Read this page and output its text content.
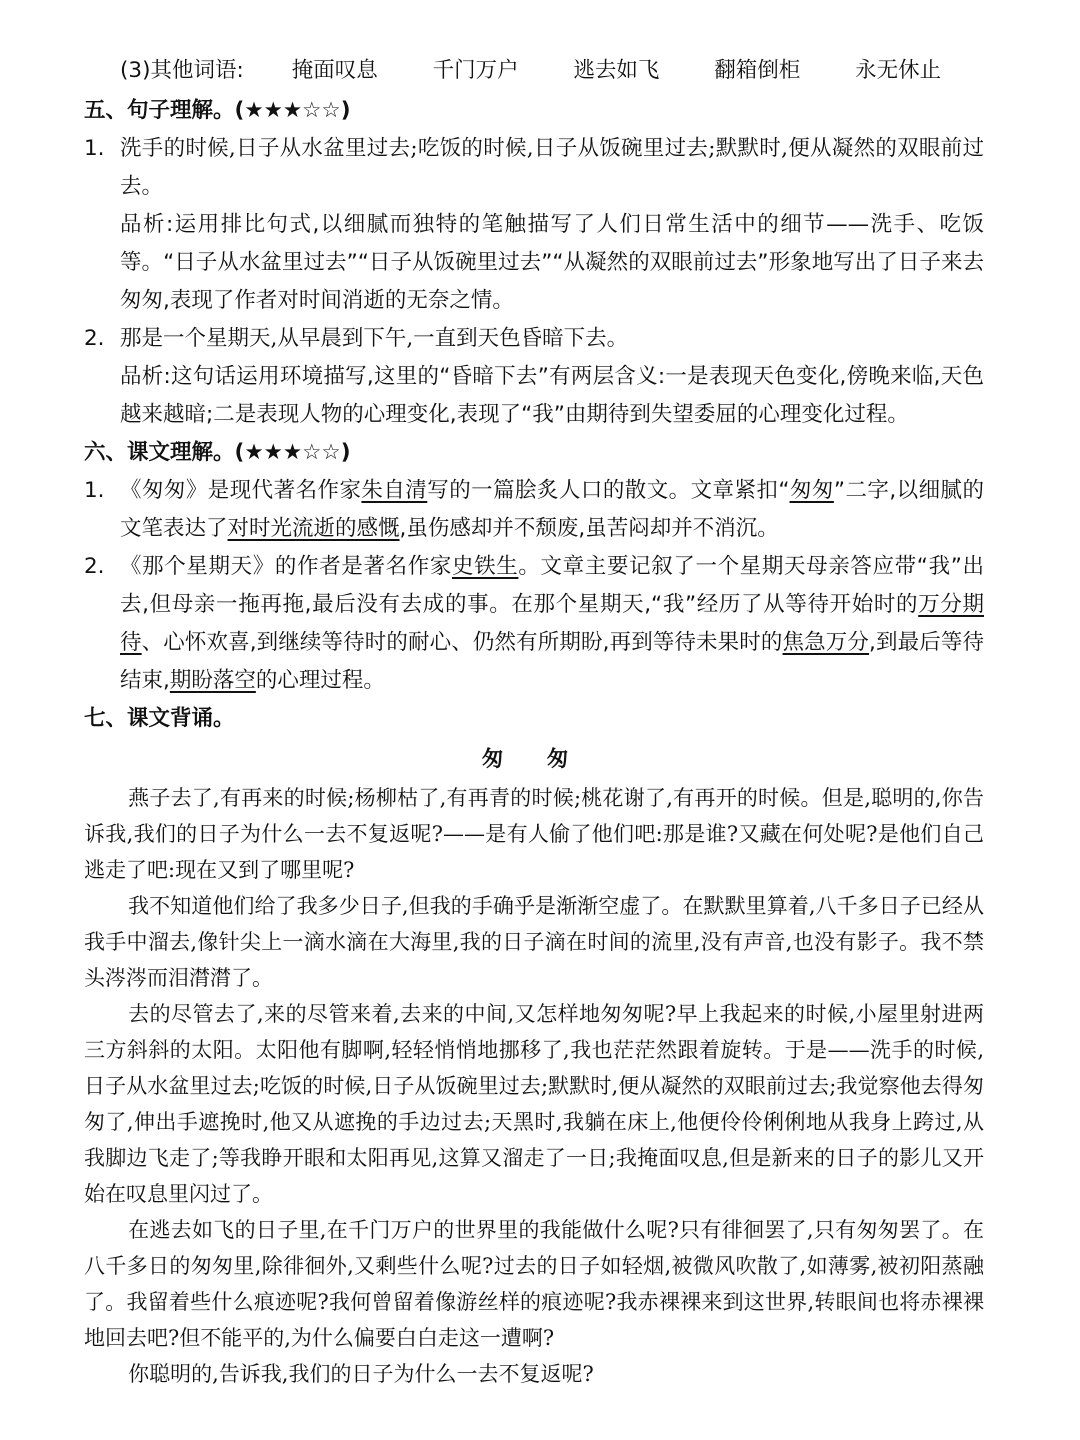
(3)其他词语: 掩面叹息	千门万户	逃去如飞	翻箱倒柜	永无休止
五、句子理解。(★★★☆☆)
1. 洗手的时候,日子从水盆里过去;吃饭的时候,日子从饭碗里过去;默默时,便从凝然的双眼前过去。
品析:运用排比句式,以细腻而独特的笔触描写了人们日常生活中的细节——洗手、吃饭等。“日子从水盆里过去”“日子从饭碗里过去”“从凝然的双眼前过去”形象地写出了日子来去匆匆,表现了作者对时间消逝的无奈之情。
2. 那是一个星期天,从早晨到下午,一直到天色昏暗下去。
品析:这句话运用环境描写,这里的“昏暗下去”有两层含义:一是表现天色变化,傍晚来临,天色越来越暗;二是表现人物的心理变化,表现了“我”由期待到失望委屈的心理变化过程。
六、课文理解。(★★★☆☆)
1. 《匆匆》是现代著名作家朱自清写的一篇脍炙人口的散文。文章紧扣“匆匆”二字,以细腻的文笔表达了对时光流逝的感慨,虽伤感却并不颓废,虽苦闷却并不消沉。
2. 《那个星期天》的作者是著名作家史铁生。文章主要记叙了一个星期天母亲答应带“我”出去,但母亲一拖再拖,最后没有去成的事。在那个星期天,“我”经历了从等待开始时的万分期待、心怀欢喜,到继续等待时的耐心、仍然有所期盼,再到等待未果时的焦急万分,到最后等待结束,期盼落空的心理过程。
七、课文背诵。
匆 匆
燕子去了,有再来的时候;杨柳枯了,有再青的时候;桃花谢了,有再开的时候。但是,聪明的,你告诉我,我们的日子为什么一去不复返呢?——是有人偷了他们吧:那是谁?又藏在何处呢?是他们自己逃走了吧:现在又到了哪里呢?
我不知道他们给了我多少日子,但我的手确乎是渐渐空虚了。在默默里算着,八千多日子已经从我手中溜去,像针尖上一滴水滴在大海里,我的日子滴在时间的流里,没有声音,也没有影子。我不禁头涔涔而泪潸潸了。
去的尽管去了,来的尽管来着,去来的中间,又怎样地匆匆呢?早上我起来的时候,小屋里射进两三方斜斜的太阳。太阳他有脚啊,轻轻悄悄地挪移了,我也茫茫然跟着旋转。于是——洗手的时候,日子从水盆里过去;吃饭的时候,日子从饭碗里过去;默默时,便从凝然的双眼前过去;我觉察他去得匆匆了,伸出手遮挽时,他又从遮挽的手边过去;天黑时,我躺在床上,他便伶伶俐俐地从我身上跨过,从我脚边飞走了;等我睁开眼和太阳再见,这算又溜走了一日;我掩面叹息,但是新来的日子的影儿又开始在叹息里闪过了。
在逃去如飞的日子里,在千门万户的世界里的我能做什么呢?只有徘徊罢了,只有匆匆罢了。在八千多日的匆匆里,除徘徊外,又剩些什么呢?过去的日子如轻烟,被微风吹散了,如薄雾,被初阳蒸融了。我留着些什么痕迹呢?我何曾留着像游丝样的痕迹呢?我赤裸裸来到这世界,转眼间也将赤裸裸地回去吧?但不能平的,为什么偏要白白走这一遭啊?
你聪明的,告诉我,我们的日子为什么一去不复返呢?
